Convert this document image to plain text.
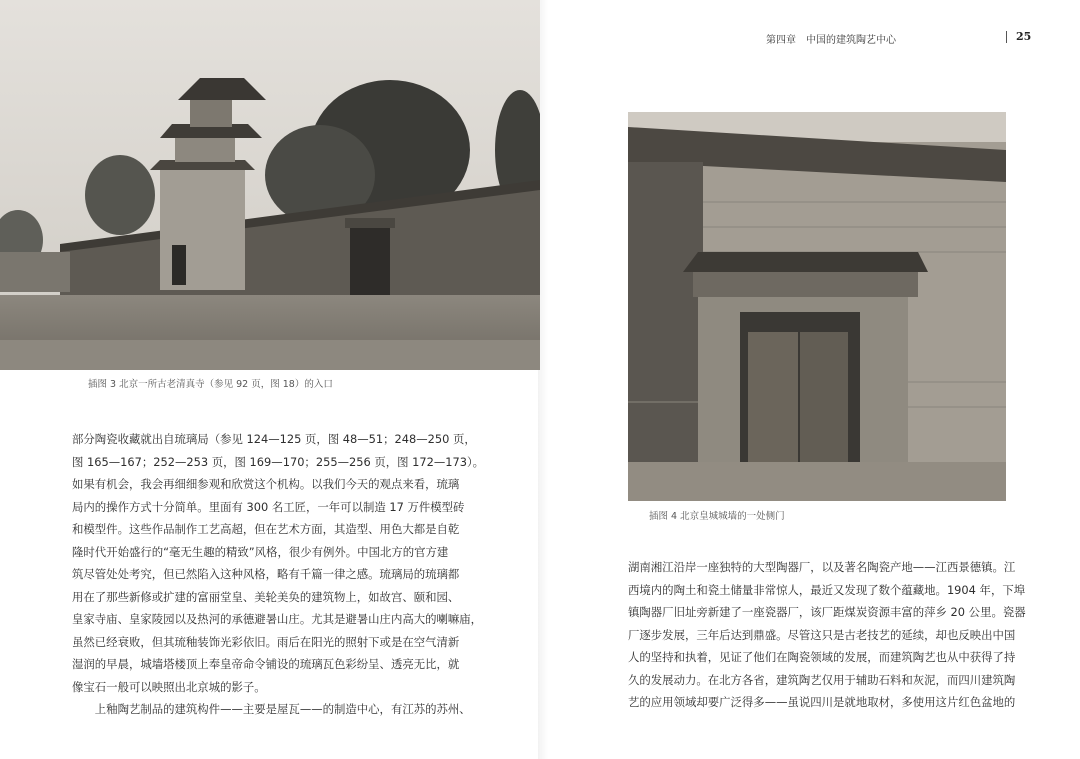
插图 3 北京一所古老清真寺（参见 92 页，图 18）的入口
第四章　中国的建筑陶艺中心	25
插图 4 北京皇城城墙的一处侧门
部分陶瓷收藏就出自琉璃局（参见 124—125 页，图 48—51；248—250 页，
图 165—167；252—253 页，图 169—170；255—256 页，图 172—173）。
如果有机会，我会再细细参观和欣赏这个机构。以我们今天的观点来看，琉璃
局内的操作方式十分简单。里面有 300 名工匠，一年可以制造 17 万件模型砖
和模型件。这些作品制作工艺高超，但在艺术方面，其造型、用色大都是自乾
隆时代开始盛行的“毫无生趣的精致”风格，很少有例外。中国北方的官方建
筑尽管处处考究，但已然陷入这种风格，略有千篇一律之感。琉璃局的琉璃都
用在了那些新修或扩建的富丽堂皇、美轮美奂的建筑物上，如故宫、颐和园、
皇家寺庙、皇家陵园以及热河的承德避暑山庄。尤其是避暑山庄内高大的喇嘛庙，
虽然已经衰败，但其琉釉装饰光彩依旧。雨后在阳光的照射下或是在空气清新
湿润的早晨，城墙塔楼顶上奉皇帝命令铺设的琉璃瓦色彩纷呈、透亮无比，就
像宝石一般可以映照出北京城的影子。
　　上釉陶艺制品的建筑构件——主要是屋瓦——的制造中心，有江苏的苏州、
湖南湘江沿岸一座独特的大型陶器厂，以及著名陶瓷产地——江西景德镇。江
西境内的陶土和瓷土储量非常惊人，最近又发现了数个蕴藏地。1904 年，下埠
镇陶器厂旧址旁新建了一座瓷器厂，该厂距煤炭资源丰富的萍乡 20 公里。瓷器
厂逐步发展，三年后达到鼎盛。尽管这只是古老技艺的延续，却也反映出中国
人的坚持和执着，见证了他们在陶瓷领域的发展，而建筑陶艺也从中获得了持
久的发展动力。在北方各省，建筑陶艺仅用于辅助石料和灰泥，而四川建筑陶
艺的应用领域却要广泛得多——虽说四川是就地取材，多使用这片红色盆地的
